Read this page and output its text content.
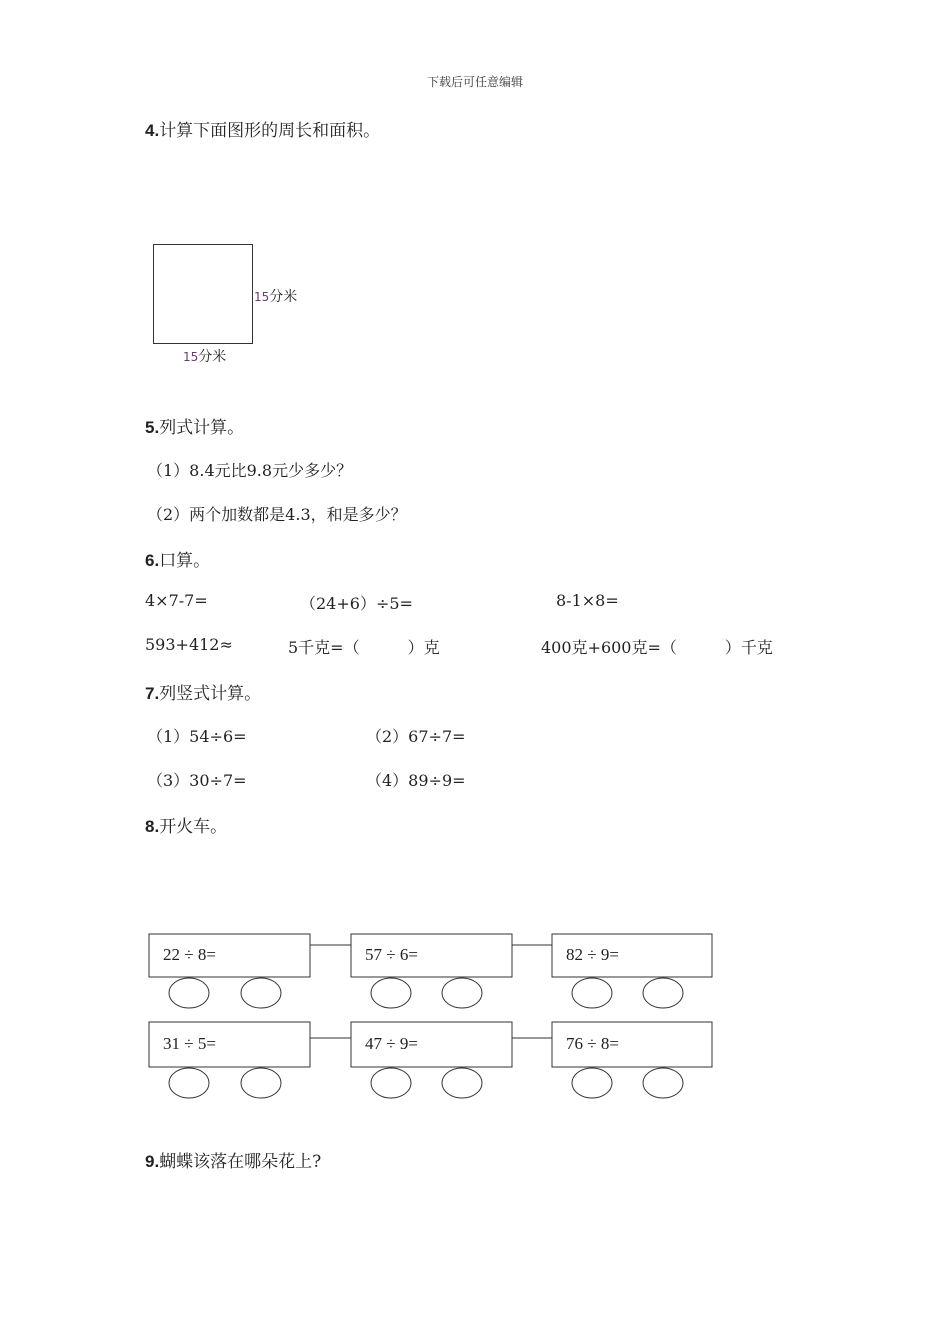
下载后可任意编辑
4.计算下面图形的周长和面积。
15分米
15分米
5.列式计算。
（1）8.4元比9.8元少多少？
（2）两个加数都是4.3，和是多少？
6.口算。
4×7-7=	（24+6）÷5=	8-1×8=
593+412≈	5千克=（　　　）克	400克+600克=（　　　）千克
7.列竖式计算。
（1）54÷6=	（2）67÷7=
（3）30÷7=	（4）89÷9=
8.开火车。
22 ÷ 8=	57 ÷ 6=	82 ÷ 9=
31 ÷ 5=	47 ÷ 9=	76 ÷ 8=
9.蝴蝶该落在哪朵花上?
